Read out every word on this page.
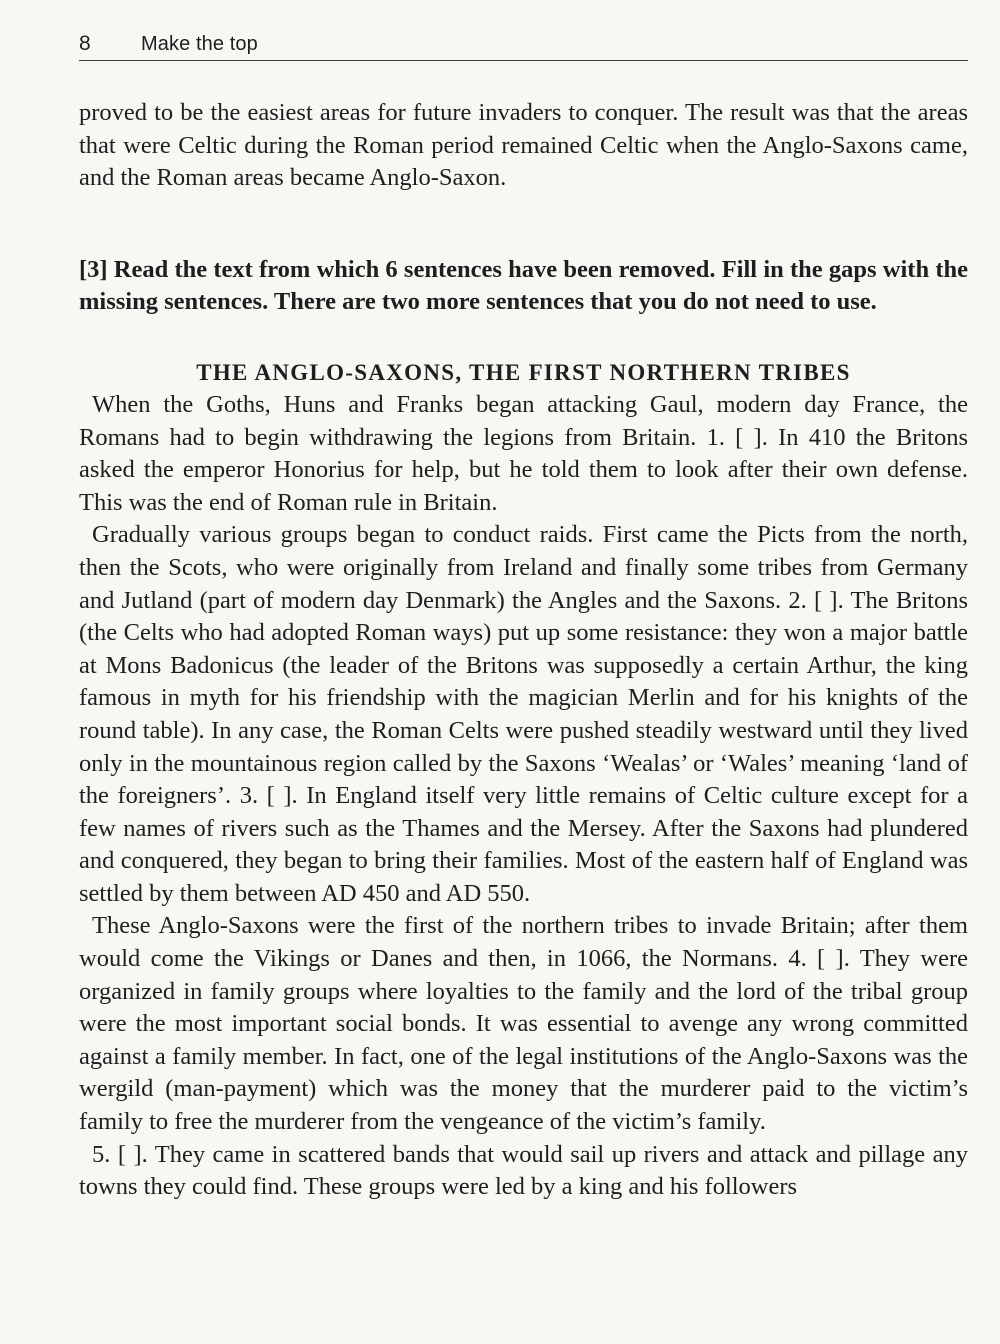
8	Make the top

proved to be the easiest areas for future invaders to conquer. The result was that the areas that were Celtic during the Roman period remained Celtic when the Anglo-Saxons came, and the Roman areas became Anglo-Saxon.

[3] Read the text from which 6 sentences have been removed. Fill in the gaps with the missing sentences. There are two more sentences that you do not need to use.

THE ANGLO-SAXONS, THE FIRST NORTHERN TRIBES

When the Goths, Huns and Franks began attacking Gaul, modern day France, the Romans had to begin withdrawing the legions from Britain. 1. [ ]. In 410 the Britons asked the emperor Honorius for help, but he told them to look after their own defense. This was the end of Roman rule in Britain.

Gradually various groups began to conduct raids. First came the Picts from the north, then the Scots, who were originally from Ireland and finally some tribes from Germany and Jutland (part of modern day Denmark) the Angles and the Saxons. 2. [ ]. The Britons (the Celts who had adopted Roman ways) put up some resistance: they won a major battle at Mons Badonicus (the leader of the Britons was supposedly a certain Arthur, the king famous in myth for his friendship with the magician Merlin and for his knights of the round table). In any case, the Roman Celts were pushed steadily westward until they lived only in the mountainous region called by the Saxons ‘Wealas’ or ‘Wales’ meaning ‘land of the foreigners’. 3. [ ]. In England itself very little remains of Celtic culture except for a few names of rivers such as the Thames and the Mersey. After the Saxons had plundered and conquered, they began to bring their families. Most of the eastern half of England was settled by them between AD 450 and AD 550.

These Anglo-Saxons were the first of the northern tribes to invade Britain; after them would come the Vikings or Danes and then, in 1066, the Normans. 4. [ ]. They were organized in family groups where loyalties to the family and the lord of the tribal group were the most important social bonds. It was essential to avenge any wrong committed against a family member. In fact, one of the legal institutions of the Anglo-Saxons was the wergild (man-payment) which was the money that the murderer paid to the victim’s family to free the murderer from the vengeance of the victim’s family.

5. [ ]. They came in scattered bands that would sail up rivers and attack and pillage any towns they could find. These groups were led by a king and his followers
